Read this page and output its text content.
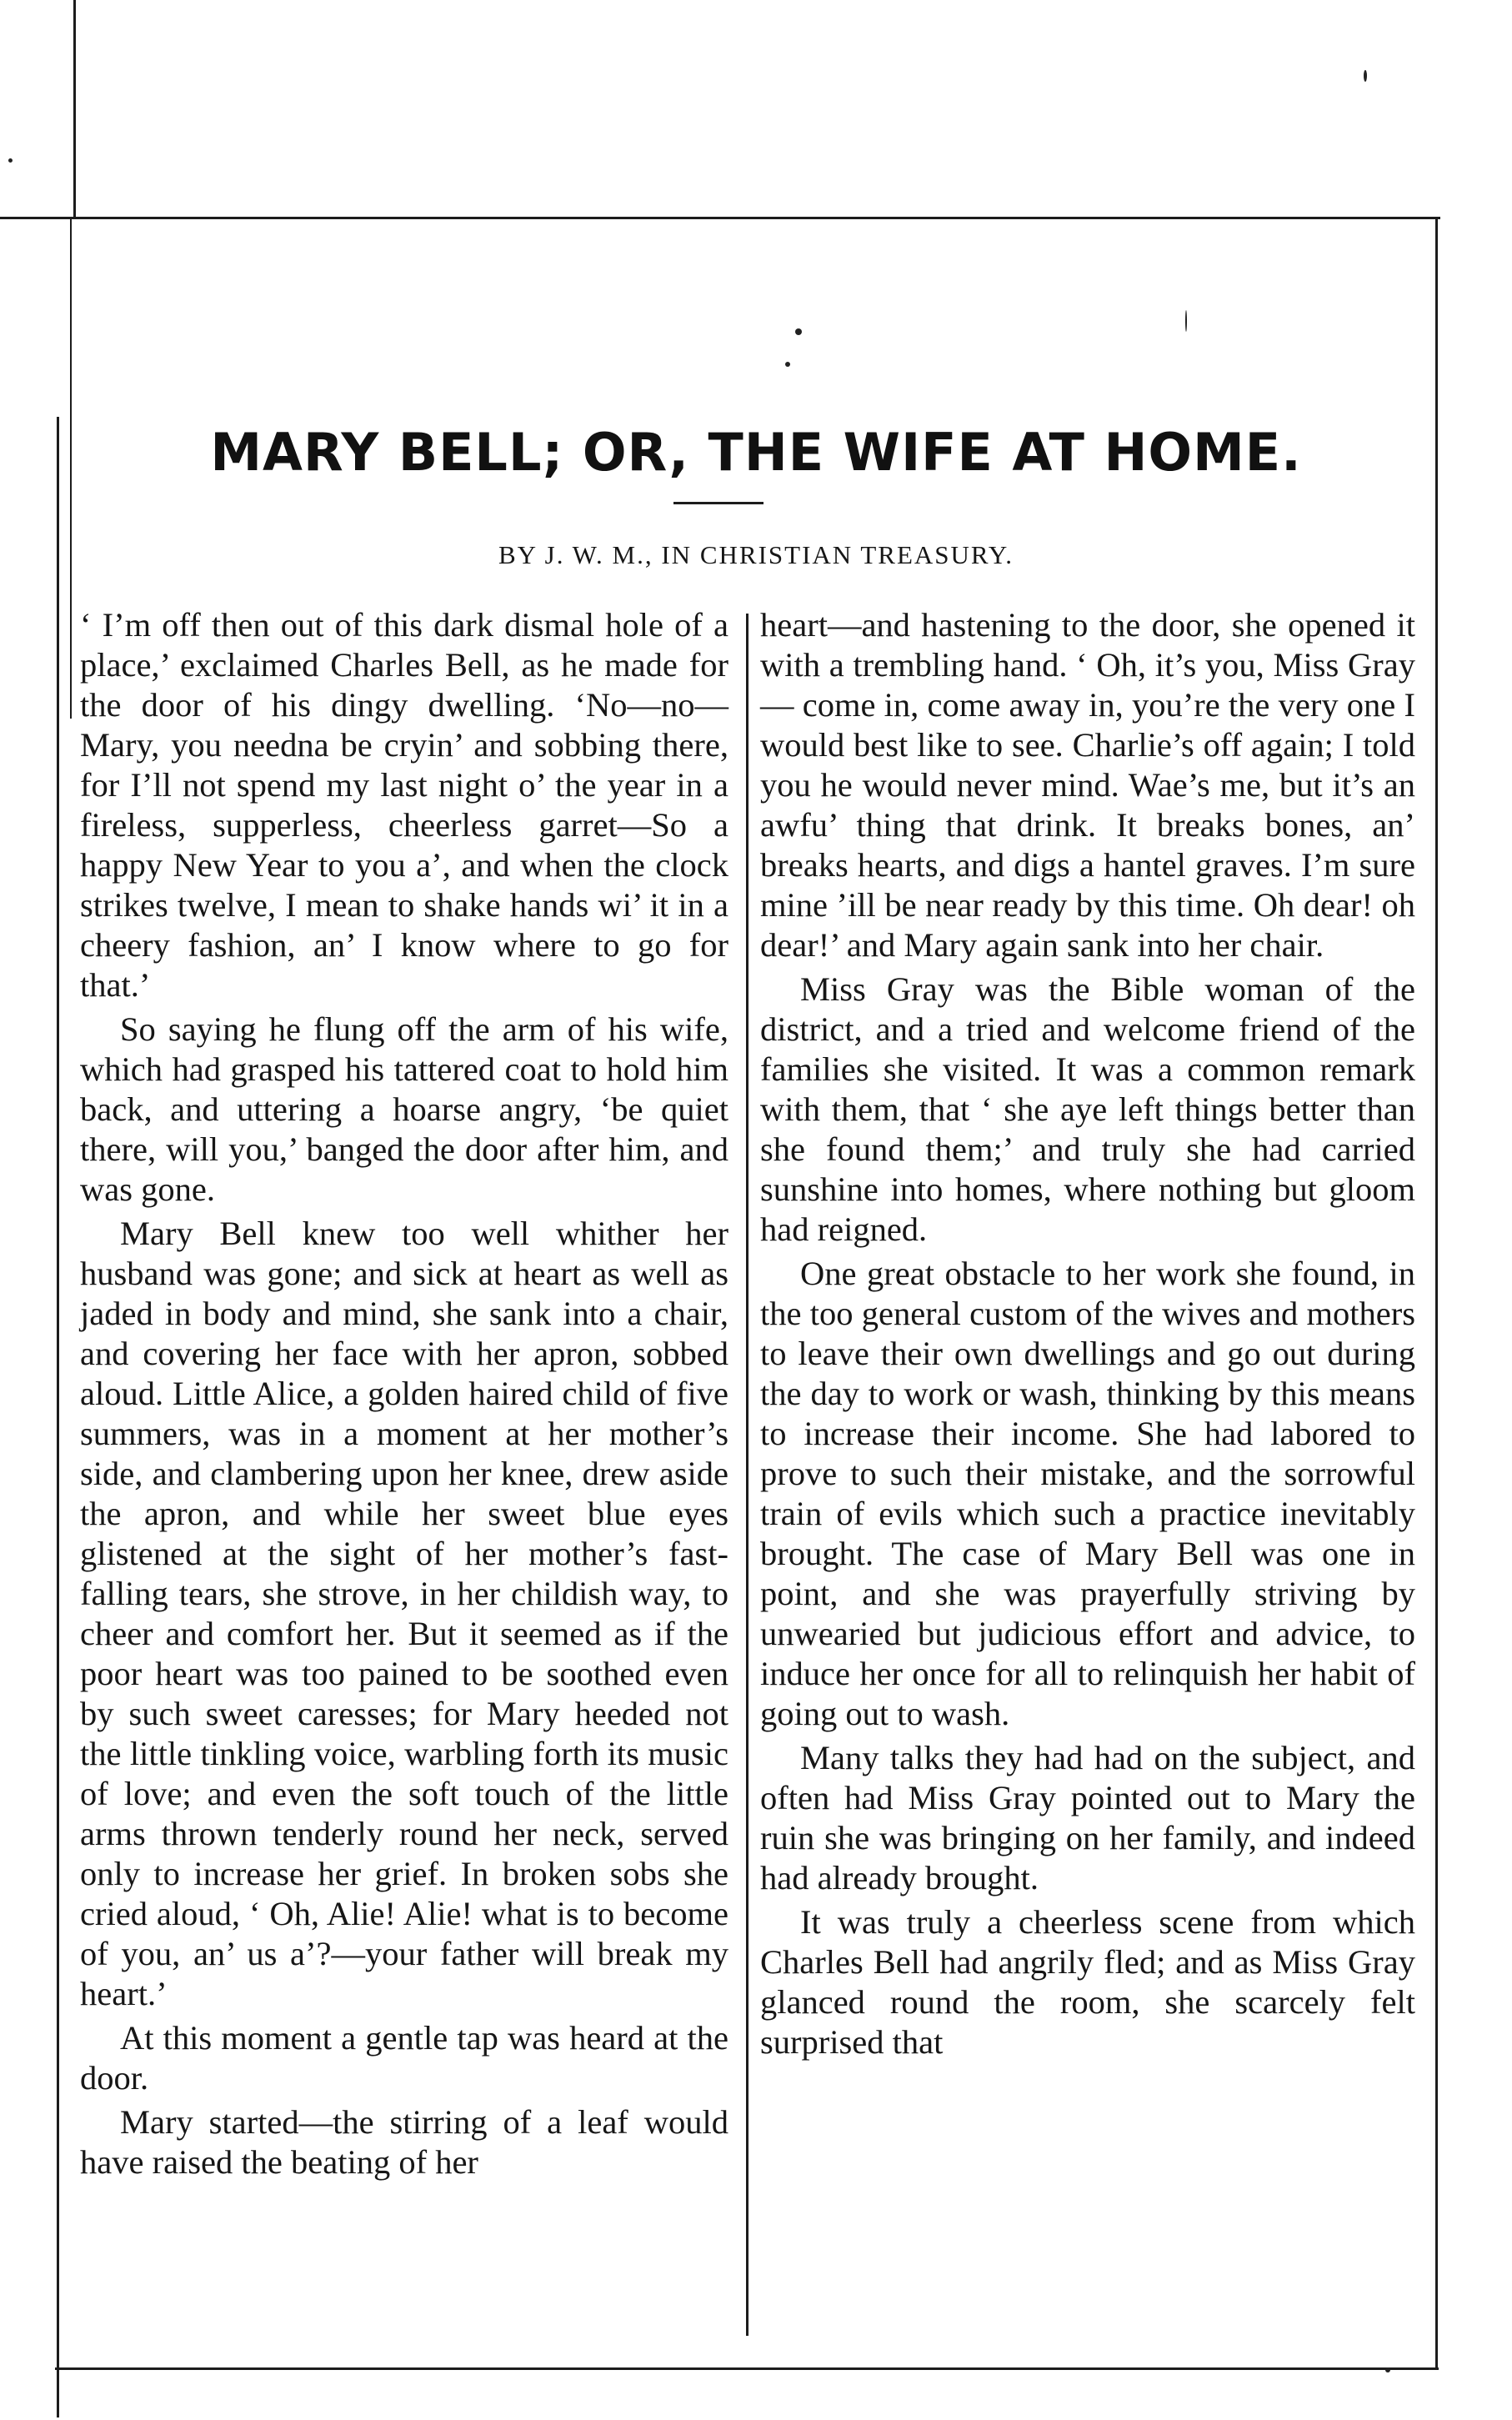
MARY BELL; OR, THE WIFE AT HOME.
BY J. W. M., IN CHRISTIAN TREASURY.

‘ I’m off then out of this dark dismal hole of a place,’ exclaimed Charles Bell, as he made for the door of his dingy dwelling. ‘No—no—Mary, you needna be cryin’ and sobbing there, for I’ll not spend my last night o’ the year in a fireless, supperless, cheerless garret—So a happy New Year to you a’, and when the clock strikes twelve, I mean to shake hands wi’ it in a cheery fashion, an’ I know where to go for that.’

So saying he flung off the arm of his wife, which had grasped his tattered coat to hold him back, and uttering a hoarse angry, ‘be quiet there, will you,’ banged the door after him, and was gone.

Mary Bell knew too well whither her husband was gone; and sick at heart as well as jaded in body and mind, she sank into a chair, and covering her face with her apron, sobbed aloud. Little Alice, a golden haired child of five summers, was in a moment at her mother’s side, and clambering upon her knee, drew aside the apron, and while her sweet blue eyes glistened at the sight of her mother’s fast-falling tears, she strove, in her childish way, to cheer and comfort her. But it seemed as if the poor heart was too pained to be soothed even by such sweet caresses; for Mary heeded not the little tinkling voice, warbling forth its music of love; and even the soft touch of the little arms thrown tenderly round her neck, served only to increase her grief. In broken sobs she cried aloud, ‘ Oh, Alie! Alie! what is to become of you, an’ us a’?—your father will break my heart.’

At this moment a gentle tap was heard at the door.

Mary started—the stirring of a leaf would have raised the beating of her

heart—and hastening to the door, she opened it with a trembling hand. ‘ Oh, it’s you, Miss Gray — come in, come away in, you’re the very one I would best like to see. Charlie’s off again; I told you he would never mind. Wae’s me, but it’s an awfu’ thing that drink. It breaks bones, an’ breaks hearts, and digs a hantel graves. I’m sure mine ’ill be near ready by this time. Oh dear! oh dear!’ and Mary again sank into her chair.

Miss Gray was the Bible woman of the district, and a tried and welcome friend of the families she visited. It was a common remark with them, that ‘ she aye left things better than she found them;’ and truly she had carried sunshine into homes, where nothing but gloom had reigned.

One great obstacle to her work she found, in the too general custom of the wives and mothers to leave their own dwellings and go out during the day to work or wash, thinking by this means to increase their income. She had labored to prove to such their mistake, and the sorrowful train of evils which such a practice inevitably brought. The case of Mary Bell was one in point, and she was prayerfully striving by unwearied but judicious effort and advice, to induce her once for all to relinquish her habit of going out to wash.

Many talks they had had on the subject, and often had Miss Gray pointed out to Mary the ruin she was bringing on her family, and indeed had already brought.

It was truly a cheerless scene from which Charles Bell had angrily fled; and as Miss Gray glanced round the room, she scarcely felt surprised that
